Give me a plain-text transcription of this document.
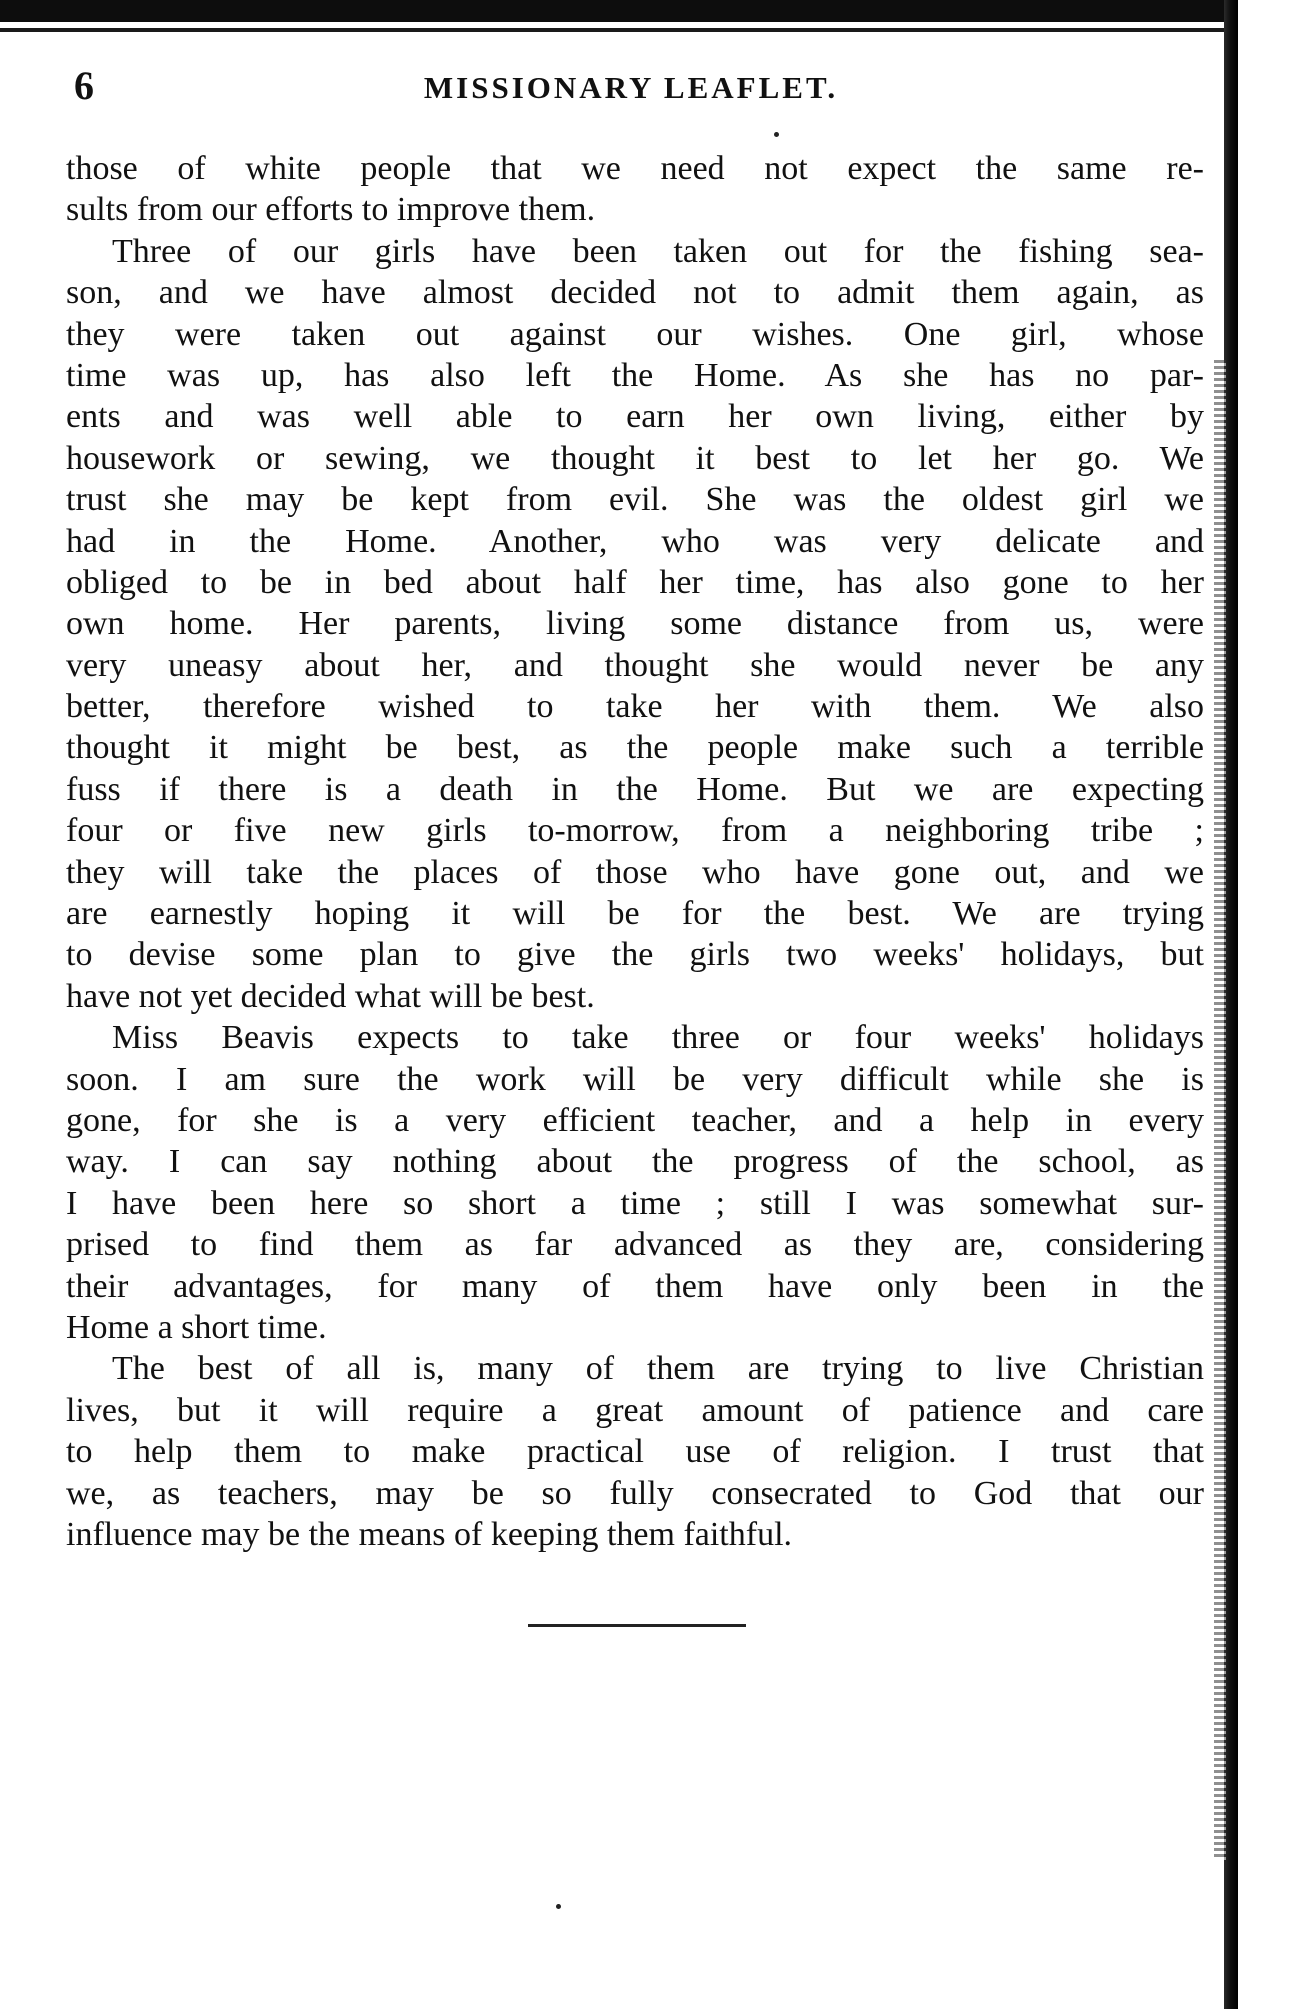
6	MISSIONARY LEAFLET.
those of white people that we need not expect the same re-
sults from our efforts to improve them.
Three of our girls have been taken out for the fishing sea-
son, and we have almost decided not to admit them again, as
they were taken out against our wishes. One girl, whose
time was up, has also left the Home. As she has no par-
ents and was well able to earn her own living, either by
housework or sewing, we thought it best to let her go. We
trust she may be kept from evil. She was the oldest girl we
had in the Home. Another, who was very delicate and
obliged to be in bed about half her time, has also gone to her
own home. Her parents, living some distance from us, were
very uneasy about her, and thought she would never be any
better, therefore wished to take her with them. We also
thought it might be best, as the people make such a terrible
fuss if there is a death in the Home. But we are expecting
four or five new girls to-morrow, from a neighboring tribe ;
they will take the places of those who have gone out, and we
are earnestly hoping it will be for the best. We are trying
to devise some plan to give the girls two weeks' holidays, but
have not yet decided what will be best.
Miss Beavis expects to take three or four weeks' holidays
soon. I am sure the work will be very difficult while she is
gone, for she is a very efficient teacher, and a help in every
way. I can say nothing about the progress of the school, as
I have been here so short a time ; still I was somewhat sur-
prised to find them as far advanced as they are, considering
their advantages, for many of them have only been in the
Home a short time.
The best of all is, many of them are trying to live Christian
lives, but it will require a great amount of patience and care
to help them to make practical use of religion. I trust that
we, as teachers, may be so fully consecrated to God that our
influence may be the means of keeping them faithful.
